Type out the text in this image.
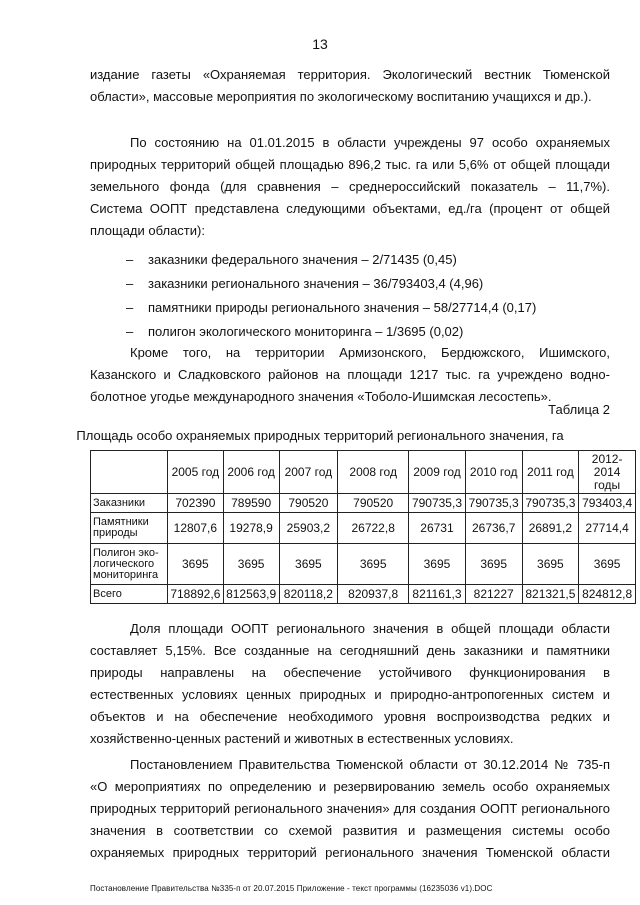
13
издание газеты «Охраняемая территория. Экологический вестник Тюменской
области», массовые мероприятия по экологическому воспитанию учащихся и др.).
По состоянию на 01.01.2015 в области учреждены 97 особо охраняемых
природных территорий общей площадью 896,2 тыс. га или 5,6% от общей площади
земельного фонда (для сравнения – среднероссийский показатель – 11,7%).
Система ООПТ представлена следующими объектами, ед./га (процент от общей
площади области):
– заказники федерального значения – 2/71435 (0,45)
– заказники регионального значения – 36/793403,4 (4,96)
– памятники природы регионального значения – 58/27714,4 (0,17)
– полигон экологического мониторинга – 1/3695 (0,02)
Кроме того, на территории Армизонского, Бердюжского, Ишимского,
Казанского и Сладковского районов на площади 1217 тыс. га учреждено водно-
болотное угодье международного значения «Тоболо-Ишимская лесостепь».
Таблица 2
Площадь особо охраняемых природных территорий регионального значения, га
	2005 год	2006 год	2007 год	2008 год	2009 год	2010 год	2011 год	2012-
2014
годы
Заказники	702390	789590	790520	790520	790735,3	790735,3	790735,3	793403,4
Памятники
природы	12807,6	19278,9	25903,2	26722,8	26731	26736,7	26891,2	27714,4
Полигон эко-
логического
мониторинга	3695	3695	3695	3695	3695	3695	3695	3695
Всего	718892,6	812563,9	820118,2	820937,8	821161,3	821227	821321,5	824812,8
Доля площади ООПТ регионального значения в общей площади области
составляет 5,15%. Все созданные на сегодняшний день заказники и памятники
природы направлены на обеспечение устойчивого функционирования в
естественных условиях ценных природных и природно-антропогенных систем и
объектов и на обеспечение необходимого уровня воспроизводства редких и
хозяйственно-ценных растений и животных в естественных условиях.
Постановлением Правительства Тюменской области от 30.12.2014 № 735-п
«О мероприятиях по определению и резервированию земель особо охраняемых
природных территорий регионального значения» для создания ООПТ регионального
значения в соответствии со схемой развития и размещения системы особо
охраняемых природных территорий регионального значения Тюменской области
Постановление Правительства №335-п от 20.07.2015 Приложение - текст программы (16235036 v1).DOC
